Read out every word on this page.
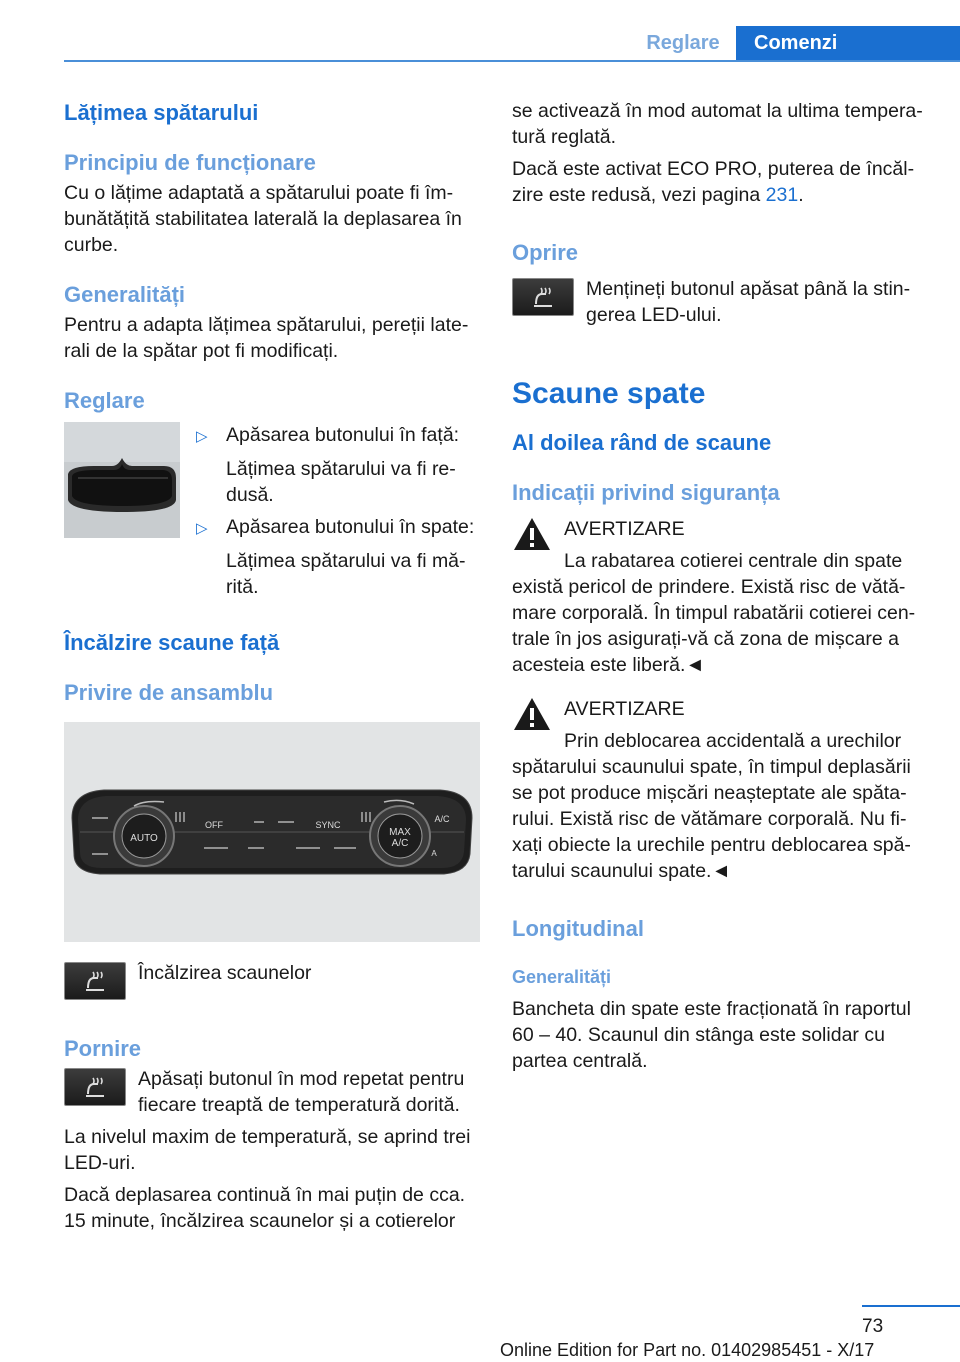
Reglare	Comenzi
Lățimea spătarului
Principiu de funcționare
Cu o lățime adaptată a spătarului poate fi îm‐bunătățită stabilitatea laterală la deplasarea în curbe.
Generalități
Pentru a adapta lățimea spătarului, pereții late‐rali de la spătar pot fi modificați.
Reglare
▷ Apăsarea butonului în față:
Lățimea spătarului va fi re‐dusă.
▷ Apăsarea butonului în spate:
Lățimea spătarului va fi mă‐rită.
Încălzire scaune față
Privire de ansamblu
AUTO
MAX
A/C
OFF	SYNC
A/C
A
Încălzirea scaunelor
Pornire
Apăsați butonul în mod repetat pentru fiecare treaptă de temperatură dorită.
La nivelul maxim de temperatură, se aprind trei LED-uri.
Dacă deplasarea continuă în mai puțin de cca. 15 minute, încălzirea scaunelor și a cotierelor
se activează în mod automat la ultima tempera‐tură reglată.
Dacă este activat ECO PRO, puterea de încăl‐zire este redusă, vezi pagina 231.
Oprire
Mențineți butonul apăsat până la stin‐gerea LED-ului.
Scaune spate
Al doilea rând de scaune
Indicații privind siguranța
AVERTIZARE
La rabatarea cotierei centrale din spate
există pericol de prindere. Există risc de vătă‐mare corporală. În timpul rabatării cotierei cen‐trale în jos asigurați-vă că zona de mișcare a acesteia este liberă.◄
AVERTIZARE
Prin deblocarea accidentală a urechilor
spătarului scaunului spate, în timpul deplasării se pot produce mișcări neașteptate ale spăta‐rului. Există risc de vătămare corporală. Nu fi‐xați obiecte la urechile pentru deblocarea spă‐tarului scaunului spate.◄
Longitudinal
Generalități
Bancheta din spate este fracționată în raportul 60 – 40. Scaunul din stânga este solidar cu partea centrală.
73
Online Edition for Part no. 01402985451 - X/17
